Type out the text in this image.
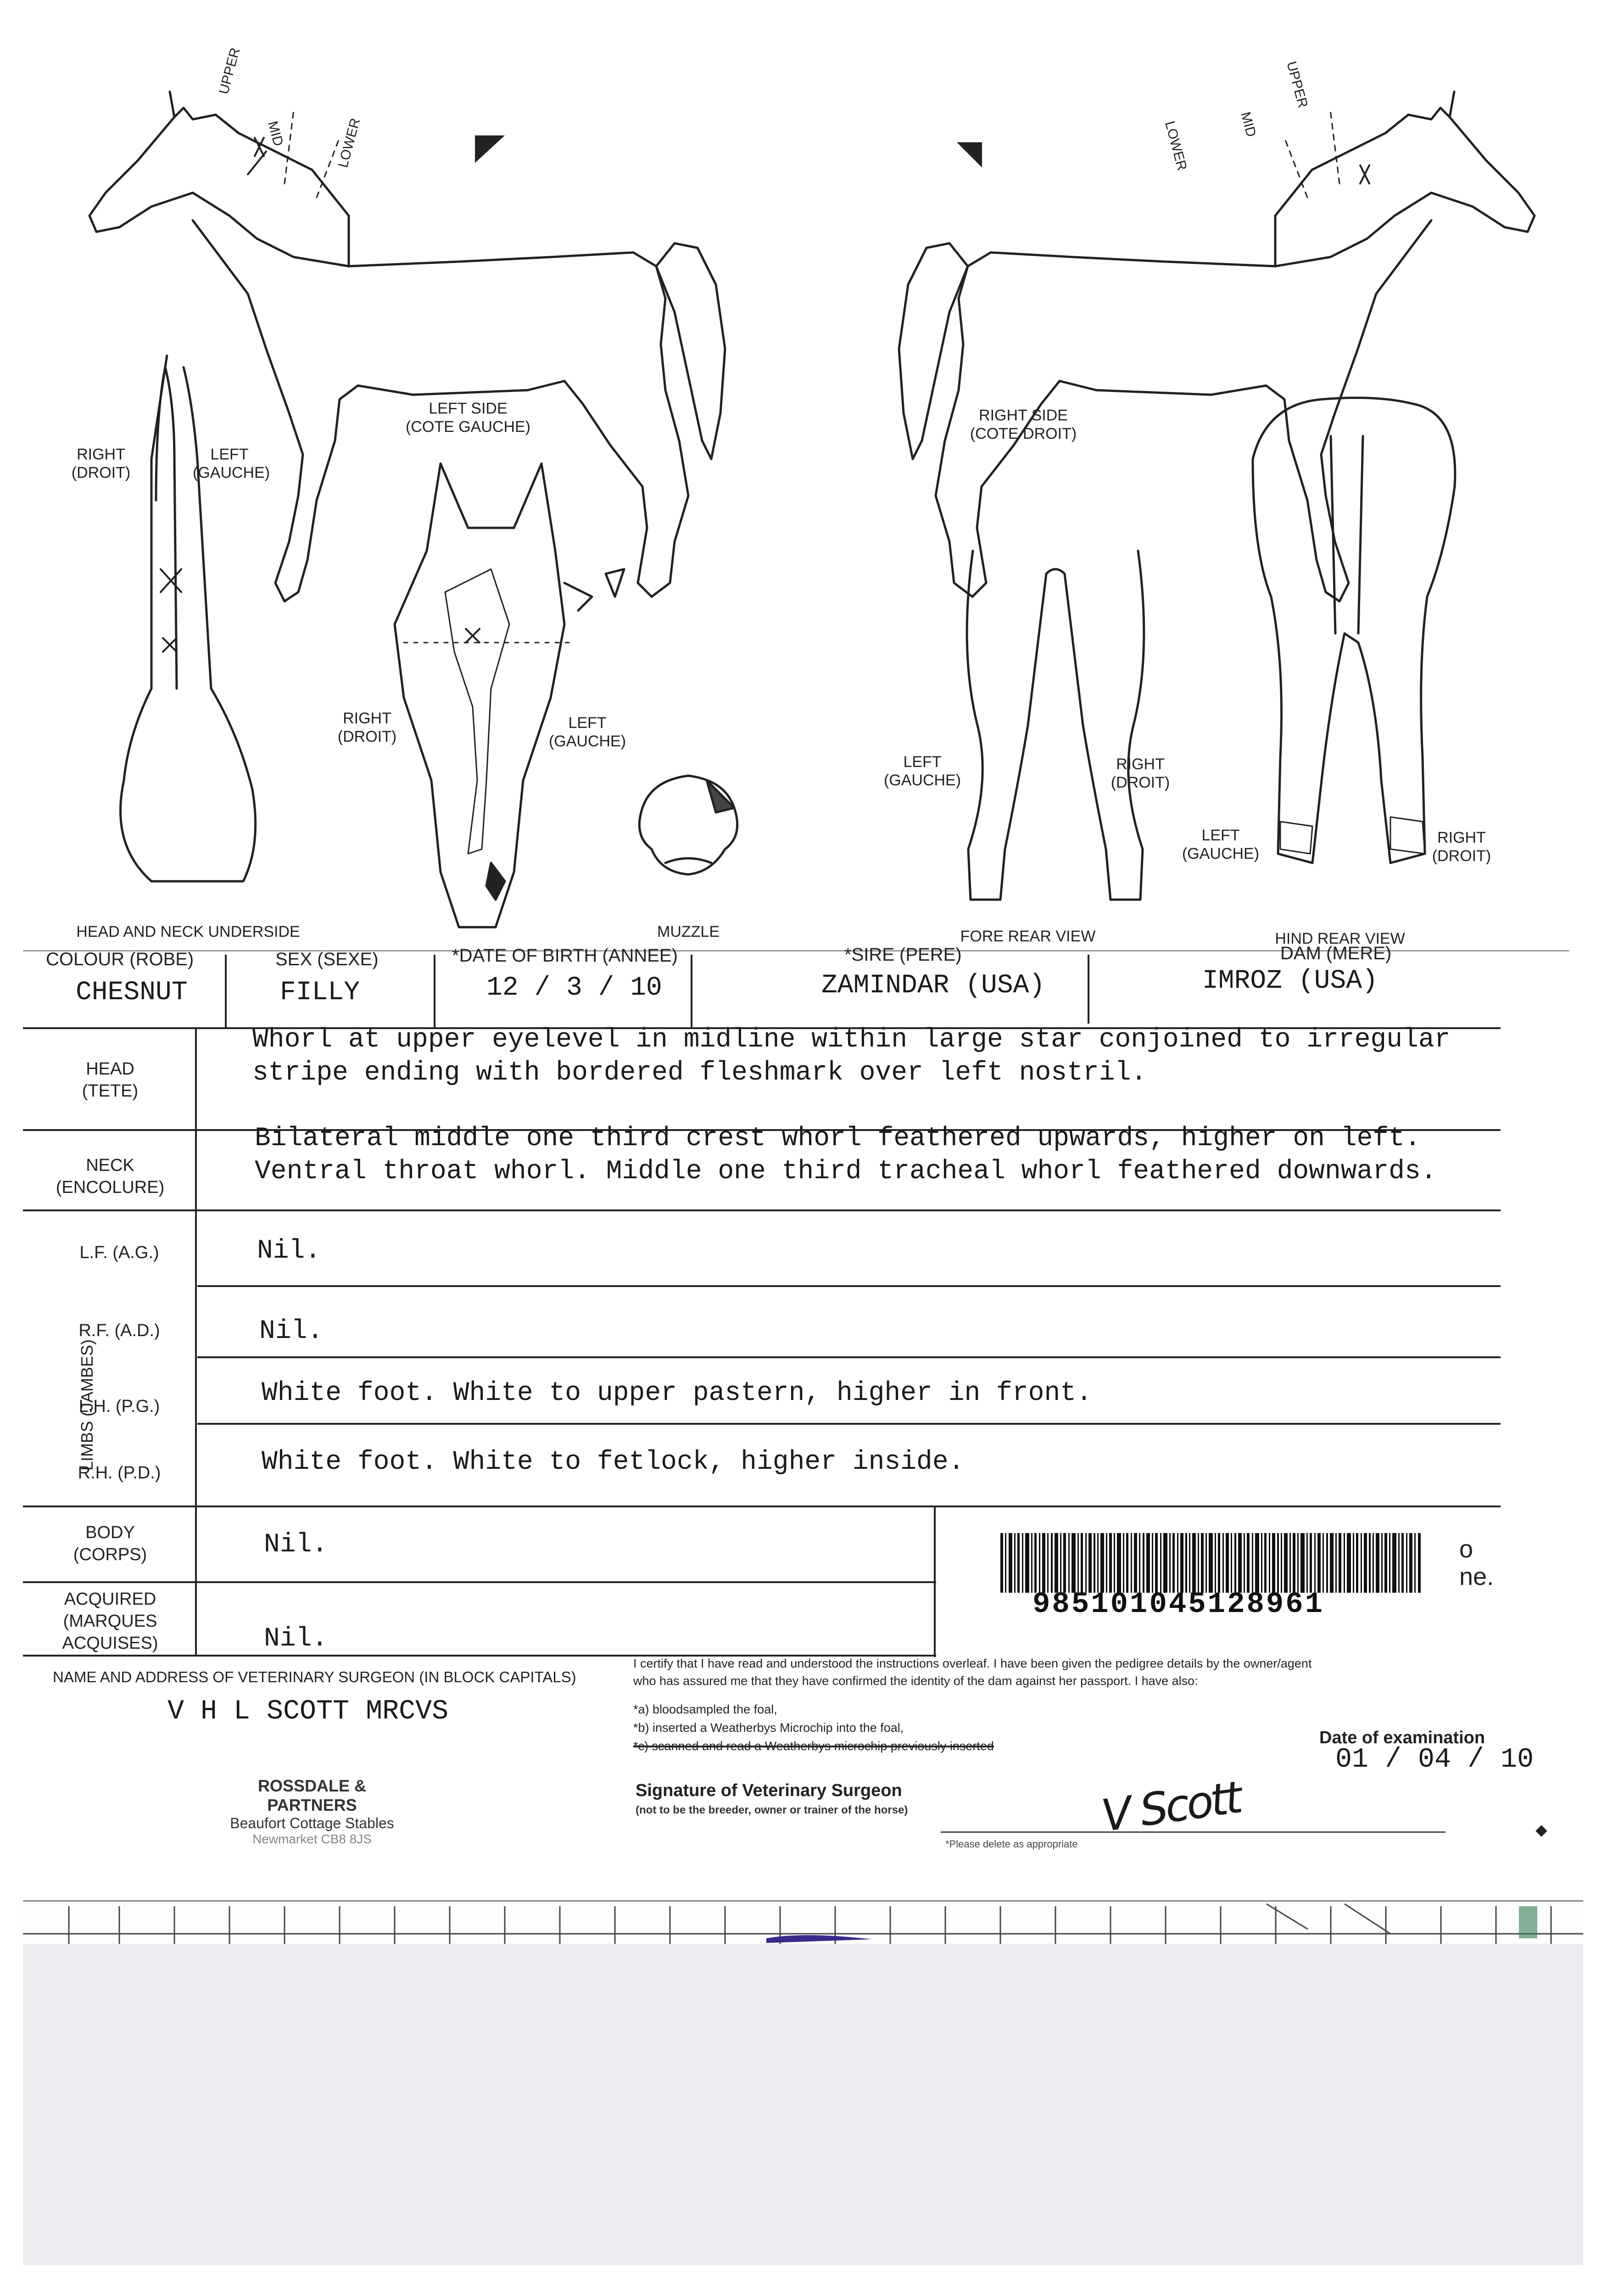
UPPER
MID	LOWER
UPPER
MID
LOWER
LEFT SIDE
(COTE GAUCHE)
RIGHT SIDE
(COTE DROIT)
RIGHT
(DROIT)
LEFT
(GAUCHE)
RIGHT
(DROIT)
LEFT
(GAUCHE)
LEFT
(GAUCHE)
RIGHT
(DROIT)
LEFT
(GAUCHE)
RIGHT
(DROIT)
HEAD AND NECK UNDERSIDE	MUZZLE	FORE REAR VIEW	HIND REAR VIEW
COLOUR (ROBE)
CHESNUT
SEX (SEXE)
FILLY
*DATE OF BIRTH (ANNEE)
12 / 3 / 10
*SIRE (PERE)
ZAMINDAR (USA)
DAM (MERE)
IMROZ (USA)
HEAD
(TETE)
Whorl at upper eyelevel in midline within large star conjoined to irregular
stripe ending with bordered fleshmark over left nostril.
NECK
(ENCOLURE)
Bilateral middle one third crest whorl feathered upwards, higher on left.
Ventral throat whorl. Middle one third tracheal whorl feathered downwards.
LIMBS (JAMBES)
L.F. (A.G.)	Nil.
R.F. (A.D.)	Nil.
L.H. (P.G.)	White foot. White to upper pastern, higher in front.
R.H. (P.D.)	White foot. White to fetlock, higher inside.
BODY
(CORPS)	Nil.
ACQUIRED
(MARQUES
ACQUISES)	Nil.
985101045128961
o
ne.
NAME AND ADDRESS OF VETERINARY SURGEON (IN BLOCK CAPITALS)
V H L SCOTT MRCVS
ROSSDALE & PARTNERS
Beaufort Cottage Stables
Newmarket CB8 8JS
I certify that I have read and understood the instructions overleaf. I have been given the pedigree details by the owner/agent
who has assured me that they have confirmed the identity of the dam against her passport. I have also:
*a) bloodsampled the foal,
*b) inserted a Weatherbys Microchip into the foal,
*c) scanned and read a Weatherbys microchip previously inserted
Signature of Veterinary Surgeon
(not to be the breeder, owner or trainer of the horse)	V Scott
*Please delete as appropriate
Date of examination
01 / 04 / 10
